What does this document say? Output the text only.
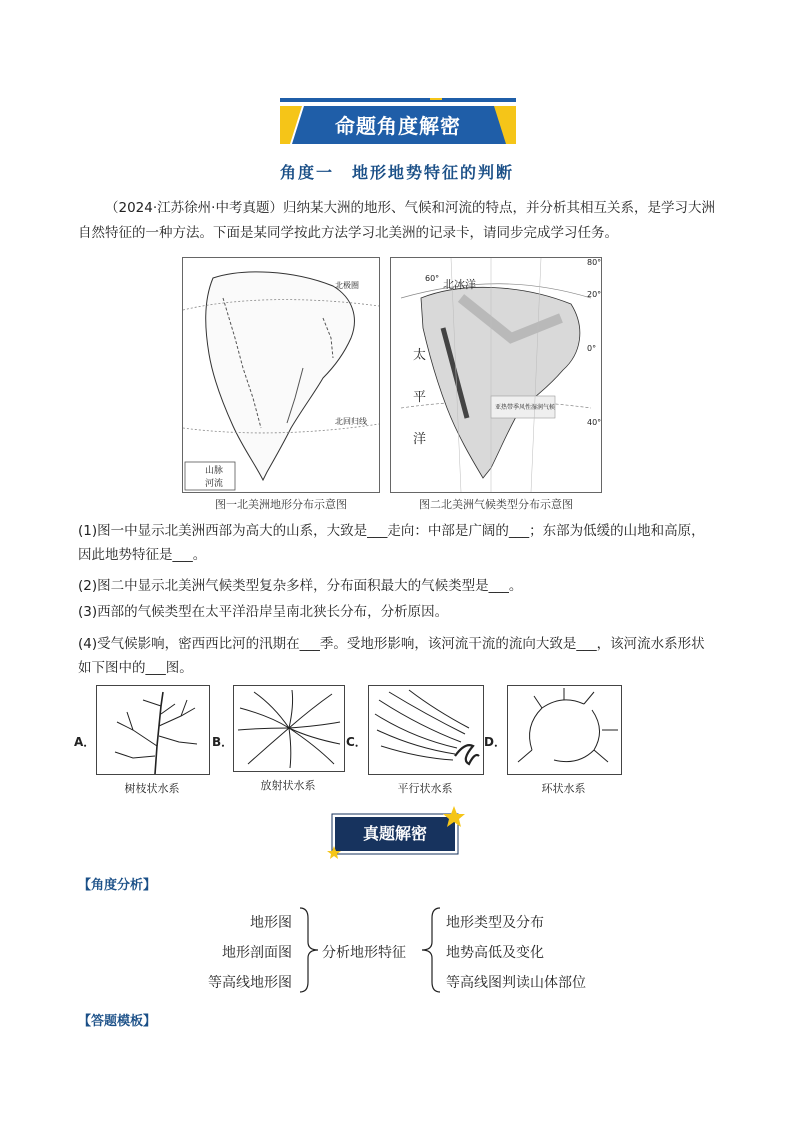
命题角度解密
角度一　地形地势特征的判断
（2024·江苏徐州·中考真题）归纳某大洲的地形、气候和河流的特点，并分析其相互关系，是学习大洲自然特征的一种方法。下面是某同学按此方法学习北美洲的记录卡，请同步完成学习任务。
北极圈
北回归线
山脉
河流
图一北美洲地形分布示意图
60° 北冰洋
80°
20°
太
平
洋
亚热带季风性湿润气候
0°
40°
图二北美洲气候类型分布示意图
(1)图一中显示北美洲西部为高大的山系，大致是___走向：中部是广阔的___；东部为低缓的山地和高原，因此地势特征是___。
(2)图二中显示北美洲气候类型复杂多样，分布面积最大的气候类型是___。
(3)西部的气候类型在太平洋沿岸呈南北狭长分布，分析原因。
(4)受气候影响，密西西比河的汛期在___季。受地形影响，该河流干流的流向大致是___，该河流水系形状如下图中的___图。
A．
树枝状水系
B．
放射状水系
C．
平行状水系
D．
环状水系
真题解密
【角度分析】
地形图
地形剖面图
等高线地形图
分析地形特征
地形类型及分布
地势高低及变化
等高线图判读山体部位
【答题模板】
